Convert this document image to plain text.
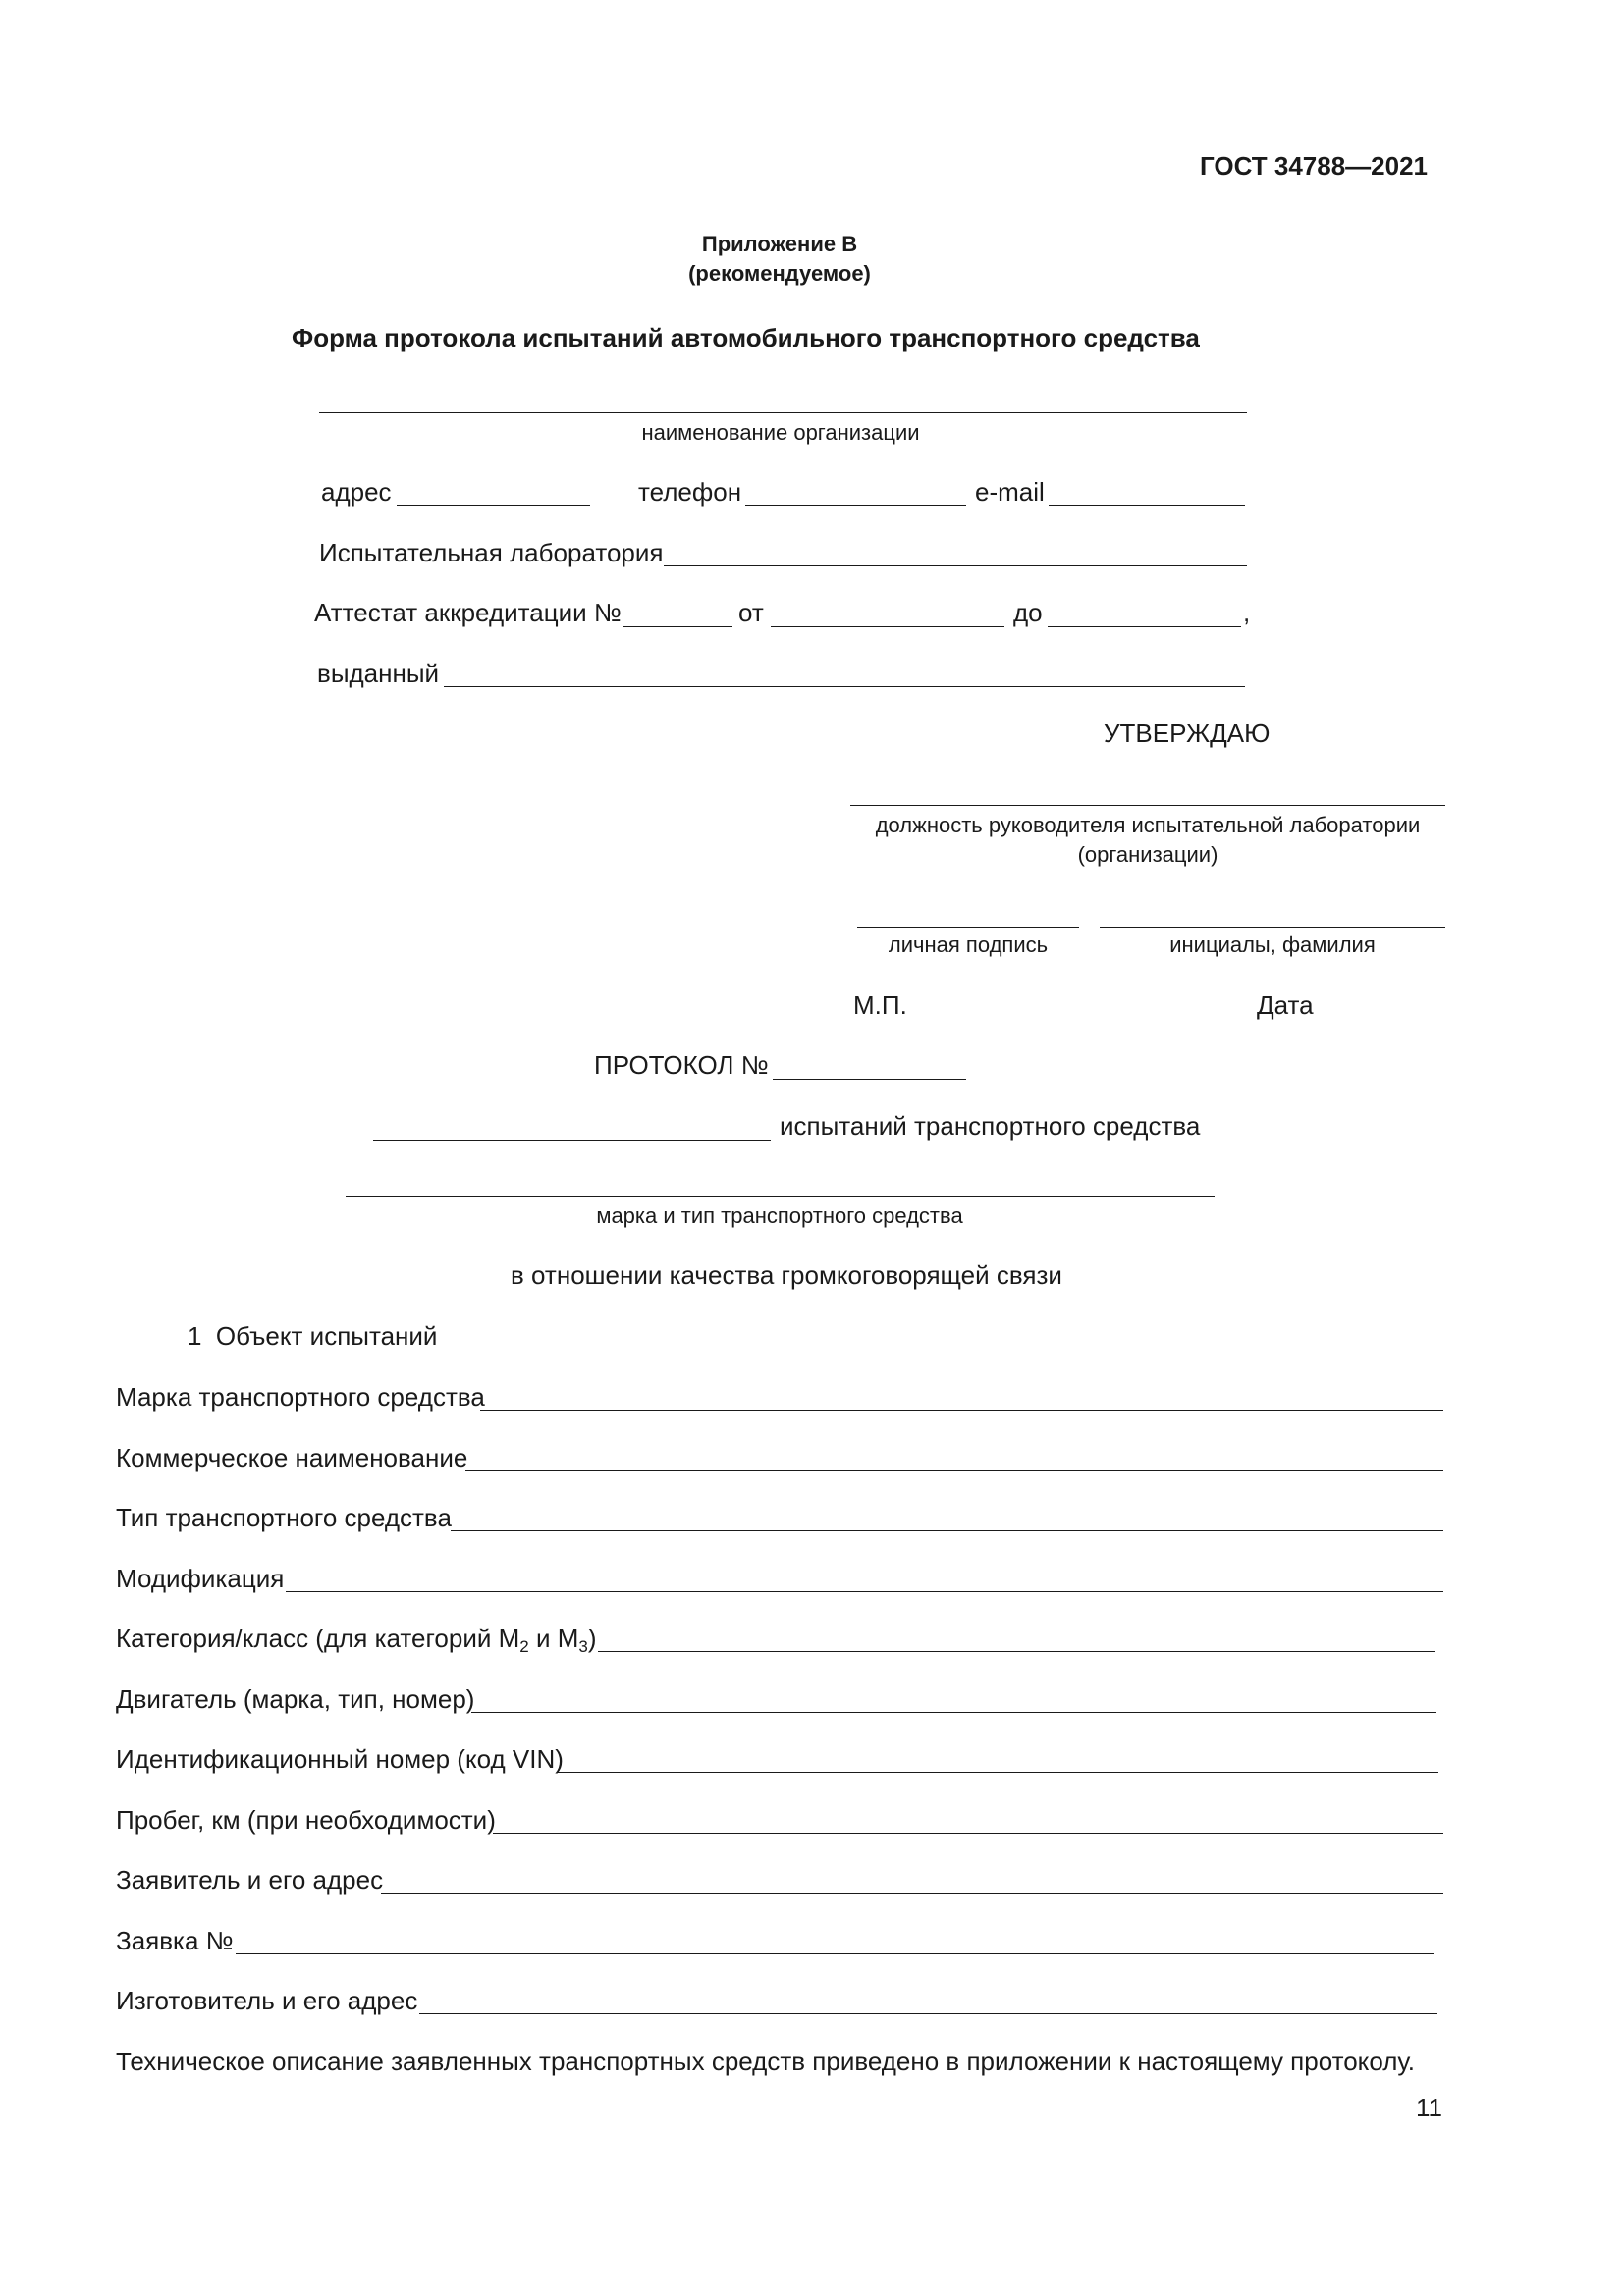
ГОСТ 34788—2021
Приложение В
(рекомендуемое)
Форма протокола испытаний автомобильного транспортного средства
наименование организации
адрес	телефон	e-mail
Испытательная лаборатория
Аттестат аккредитации №	от	до	,
выданный
УТВЕРЖДАЮ
должность руководителя испытательной лаборатории
(организации)
личная подпись	инициалы, фамилия
М.П.	Дата
ПРОТОКОЛ №
испытаний транспортного средства
марка и тип транспортного средства
в отношении качества громкоговорящей связи
1  Объект испытаний
Марка транспортного средства
Коммерческое наименование
Тип транспортного средства
Модификация
Категория/класс (для категорий $M_2$ и $M_3$)
Двигатель (марка, тип, номер)
Идентификационный номер (код VIN)
Пробег, км (при необходимости)
Заявитель и его адрес
Заявка №
Изготовитель и его адрес
Техническое описание заявленных транспортных средств приведено в приложении к настоящему протоколу.
11
